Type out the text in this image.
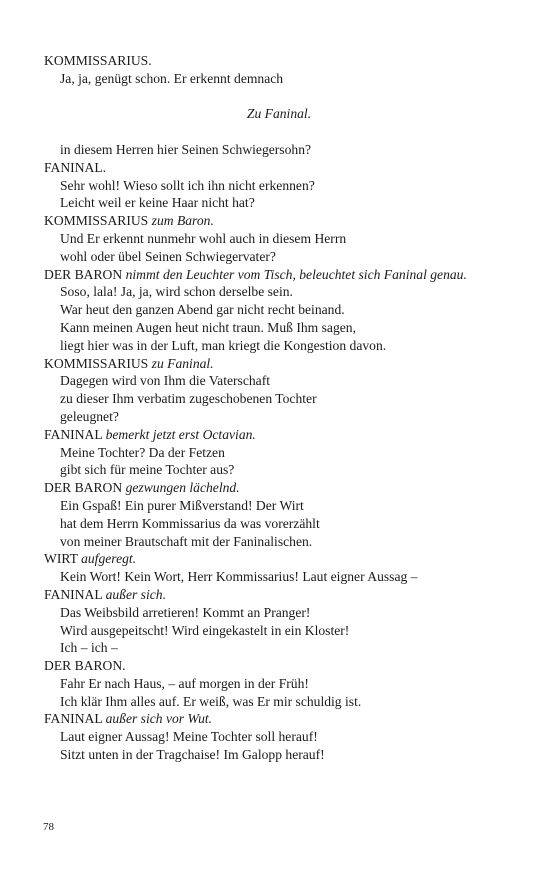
KOMMISSARIUS.
Ja, ja, genügt schon. Er erkennt demnach
Zu Faninal.
in diesem Herren hier Seinen Schwiegersohn?
FANINAL.
Sehr wohl! Wieso sollt ich ihn nicht erkennen?
Leicht weil er keine Haar nicht hat?
KOMMISSARIUS zum Baron.
Und Er erkennt nunmehr wohl auch in diesem Herrn
wohl oder übel Seinen Schwiegervater?
DER BARON nimmt den Leuchter vom Tisch, beleuchtet sich Faninal genau.
Soso, lala! Ja, ja, wird schon derselbe sein.
War heut den ganzen Abend gar nicht recht beinand.
Kann meinen Augen heut nicht traun. Muß Ihm sagen,
liegt hier was in der Luft, man kriegt die Kongestion davon.
KOMMISSARIUS zu Faninal.
Dagegen wird von Ihm die Vaterschaft
zu dieser Ihm verbatim zugeschobenen Tochter
geleugnet?
FANINAL bemerkt jetzt erst Octavian.
Meine Tochter? Da der Fetzen
gibt sich für meine Tochter aus?
DER BARON gezwungen lächelnd.
Ein Gspaß! Ein purer Mißverstand! Der Wirt
hat dem Herrn Kommissarius da was vorerzählt
von meiner Brautschaft mit der Faninalischen.
WIRT aufgeregt.
Kein Wort! Kein Wort, Herr Kommissarius! Laut eigner Aussag –
FANINAL außer sich.
Das Weibsbild arretieren! Kommt an Pranger!
Wird ausgepeitscht! Wird eingekastelt in ein Kloster!
Ich – ich –
DER BARON.
Fahr Er nach Haus, – auf morgen in der Früh!
Ich klär Ihm alles auf. Er weiß, was Er mir schuldig ist.
FANINAL außer sich vor Wut.
Laut eigner Aussag! Meine Tochter soll herauf!
Sitzt unten in der Tragchaise! Im Galopp herauf!
78
